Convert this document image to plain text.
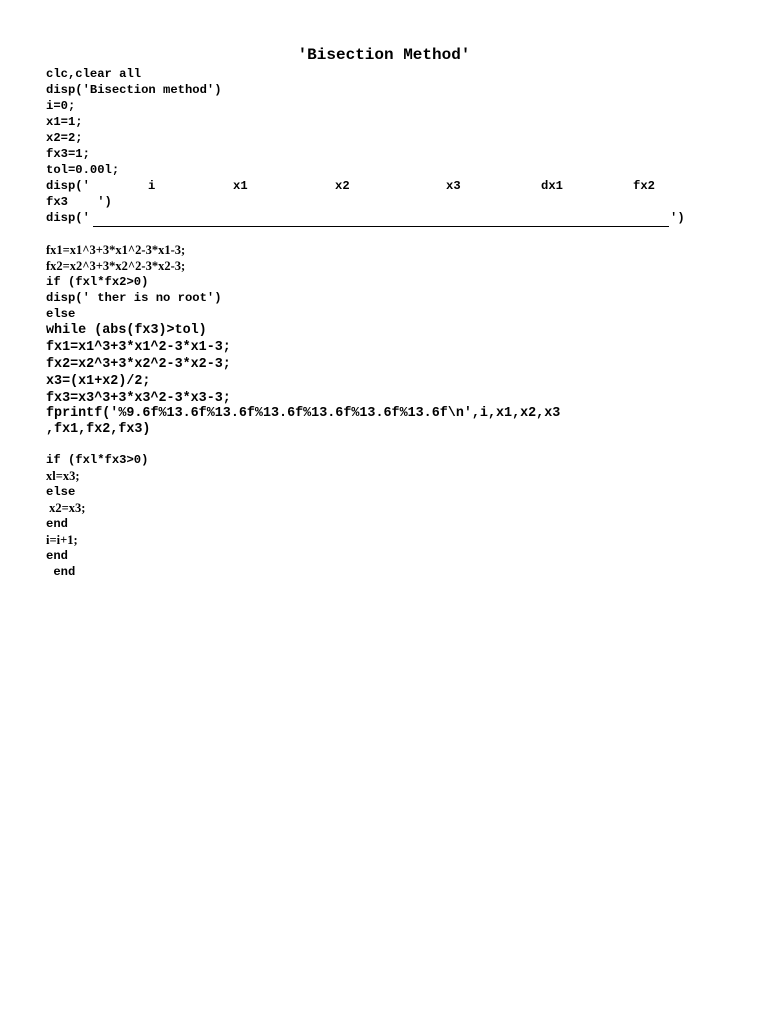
'Bisection Method'
clc,clear all
disp('Bisection method')
i=0;
x1=1;
x2=2;
fx3=1;
tol=0.00l;
disp('	i	x1	x2	x3	dx1	fx2
fx3    ')
disp('	')
fx1=x1^3+3*x1^2-3*x1-3;
fx2=x2^3+3*x2^2-3*x2-3;
if (fxl*fx2>0)
disp(' ther is no root')
else
while (abs(fx3)>tol)
fx1=x1^3+3*x1^2-3*x1-3;
fx2=x2^3+3*x2^2-3*x2-3;
x3=(x1+x2)/2;
fx3=x3^3+3*x3^2-3*x3-3;
fprintf('%9.6f%13.6f%13.6f%13.6f%13.6f%13.6f%13.6f\n',i,x1,x2,x3
,fx1,fx2,fx3)
if (fxl*fx3>0)
xl=x3;
else
x2=x3;
end
i=i+1;
end
end
